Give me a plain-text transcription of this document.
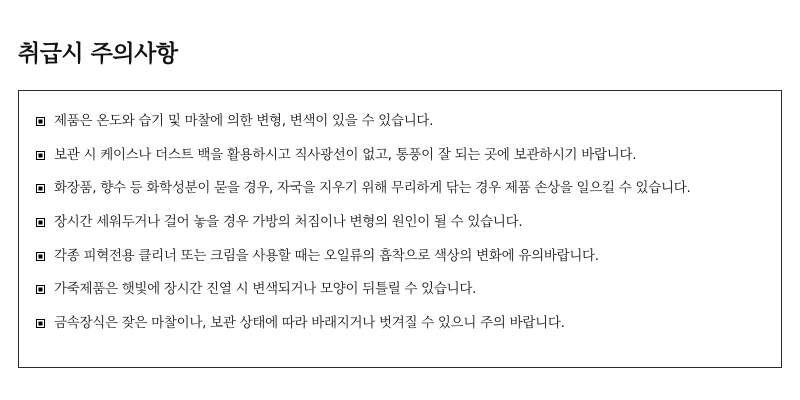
취급시 주의사항
제품은 온도와 습기 및 마찰에 의한 변형, 변색이 있을 수 있습니다.
보관 시 케이스나 더스트 백을 활용하시고 직사광선이 없고, 통풍이 잘 되는 곳에 보관하시기 바랍니다.
화장품, 향수 등 화학성분이 묻을 경우, 자국을 지우기 위해 무리하게 닦는 경우 제품 손상을 일으킬 수 있습니다.
장시간 세워두거나 걸어 놓을 경우 가방의 처짐이나 변형의 원인이 될 수 있습니다.
각종 피혁전용 클리너 또는 크림을 사용할 때는 오일류의 흡착으로 색상의 변화에 유의바랍니다.
가죽제품은 햇빛에 장시간 진열 시 변색되거나 모양이 뒤틀릴 수 있습니다.
금속장식은 잦은 마찰이나, 보관 상태에 따라 바래지거나 벗겨질 수 있으니 주의 바랍니다.
